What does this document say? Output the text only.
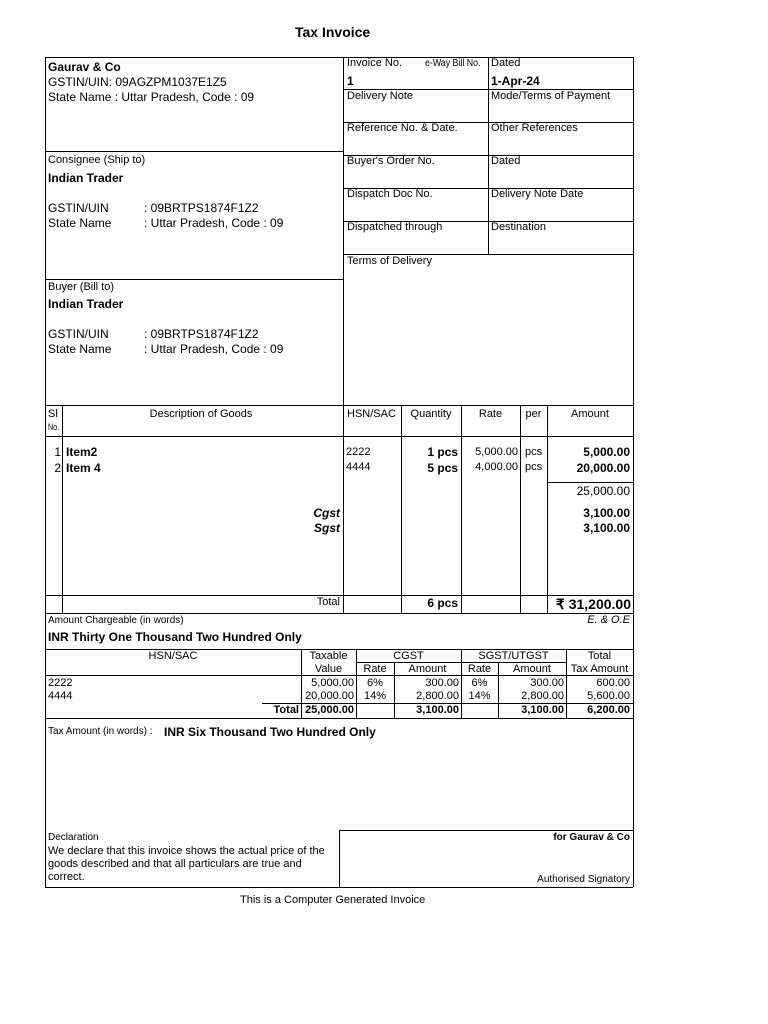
Tax Invoice
Gaurav & Co
GSTIN/UIN: 09AGZPM1037E1Z5
State Name : Uttar Pradesh, Code : 09
Invoice No. e-Way Bill No.
1
Dated
1-Apr-24
Delivery Note	Mode/Terms of Payment
Reference No. & Date.	Other References
Buyer's Order No.	Dated
Dispatch Doc No.	Delivery Note Date
Dispatched through	Destination
Terms of Delivery
Consignee (Ship to)
Indian Trader
GSTIN/UIN	: 09BRTPS1874F1Z2
State Name	: Uttar Pradesh, Code : 09
Buyer (Bill to)
Indian Trader
GSTIN/UIN	: 09BRTPS1874F1Z2
State Name	: Uttar Pradesh, Code : 09
Sl
No.
Description of Goods	HSN/SAC	Quantity	Rate	per	Amount
1 Item2	2222	1 pcs	5,000.00 pcs	5,000.00
2 Item 4	4444	5 pcs	4,000.00 pcs	20,000.00
25,000.00
Cgst	3,100.00
Sgst	3,100.00
Total	6 pcs	₹ 31,200.00
Amount Chargeable (in words)	E. & O.E
INR Thirty One Thousand Two Hundred Only
HSN/SAC	Taxable
Value
CGST	SGST/UTGST	Total
Tax Amount
Rate	Amount	Rate	Amount
2222	5,000.00	6%	300.00	6%	300.00	600.00
4444	20,000.00 14%	2,800.00 14%	2,800.00	5,600.00
Total 25,000.00	3,100.00	3,100.00	6,200.00
Tax Amount (in words) : INR Six Thousand Two Hundred Only
Declaration
We declare that this invoice shows the actual price of the
goods described and that all particulars are true and
correct.
for Gaurav & Co
Authorised Signatory
This is a Computer Generated Invoice
